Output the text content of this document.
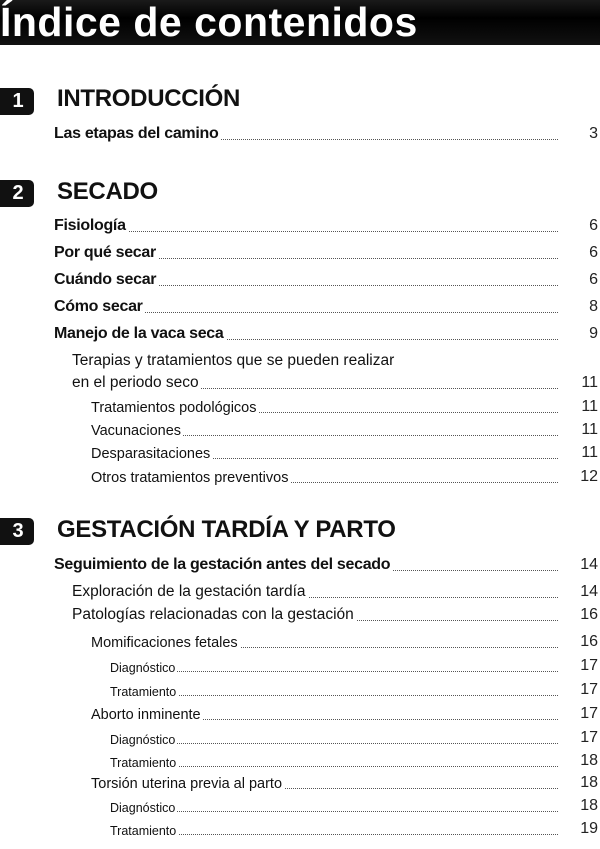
Índice de contenidos
1	INTRODUCCIÓN
Las etapas del camino	3
2	SECADO
Fisiología	6
Por qué secar	6
Cuándo secar	6
Cómo secar	8
Manejo de la vaca seca	9
Terapias y tratamientos que se pueden realizar
en el periodo seco	11
Tratamientos podológicos	11
Vacunaciones	11
Desparasitaciones	11
Otros tratamientos preventivos	12
3	GESTACIÓN TARDÍA Y PARTO
Seguimiento de la gestación antes del secado	14
Exploración de la gestación tardía	14
Patologías relacionadas con la gestación	16
Momificaciones fetales	16
Diagnóstico	17
Tratamiento	17
Aborto inminente	17
Diagnóstico	17
Tratamiento	18
Torsión uterina previa al parto	18
Diagnóstico	18
Tratamiento	19
